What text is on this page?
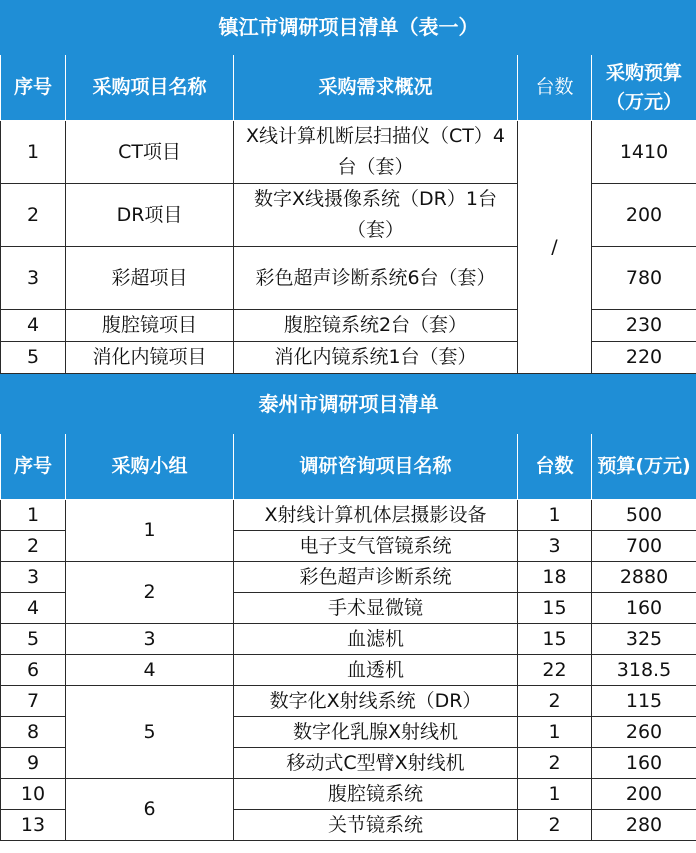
镇江市调研项目清单（表一）				
序号	采购项目名称	采购需求概况	台数	采购预算（万元）
1	CT项目	X线计算机断层扫描仪（CT）4台（套）	/	1410
2	DR项目	数字X线摄像系统（DR）1台（套）		200
3	彩超项目	彩色超声诊断系统6台（套）		780
4	腹腔镜项目	腹腔镜系统2台（套）		230
5	消化内镜项目	消化内镜系统1台（套）		220
泰州市调研项目清单				
序号	采购小组	调研咨询项目名称	台数	预算(万元)
1	1	X射线计算机体层摄影设备	1	500
2		电子支气管镜系统	3	700
3	2	彩色超声诊断系统	18	2880
4		手术显微镜	15	160
5	3	血滤机	15	325
6	4	血透机	22	318.5
7	5	数字化X射线系统（DR）	2	115
8		数字化乳腺X射线机	1	260
9		移动式C型臂X射线机	2	160
10	6	腹腔镜系统	1	200
13		关节镜系统	2	280
